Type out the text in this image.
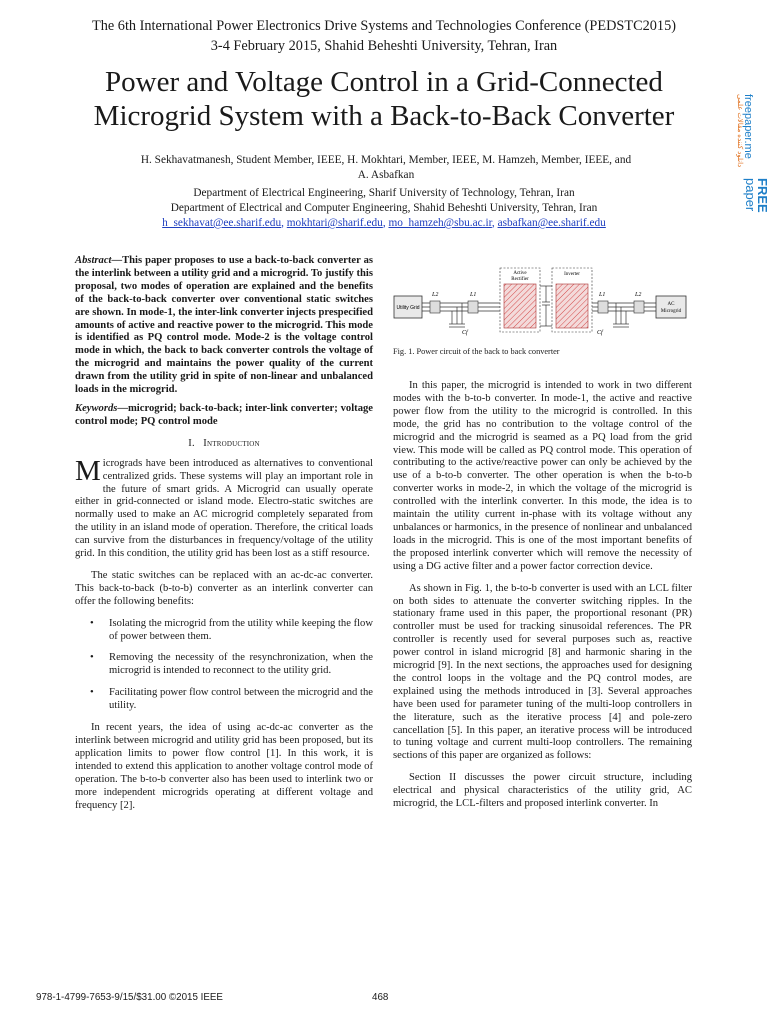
The 6th International Power Electronics Drive Systems and Technologies Conference (PEDSTC2015)
3-4 February 2015, Shahid Beheshti University, Tehran, Iran
Power and Voltage Control in a Grid-Connected
Microgrid System with a Back-to-Back Converter
H. Sekhavatmanesh, Student Member, IEEE, H. Mokhtari, Member, IEEE, M. Hamzeh, Member, IEEE, and
A. Asbafkan
Department of Electrical Engineering, Sharif University of Technology, Tehran, Iran
Department of Electrical and Computer Engineering, Shahid Beheshti University, Tehran, Iran
h_sekhavat@ee.sharif.edu, mokhtari@sharif.edu, mo_hamzeh@sbu.ac.ir, asbafkan@ee.sharif.edu

Abstract—This paper proposes to use a back-to-back converter as the interlink between a utility grid and a microgrid. To justify this proposal, two modes of operation are explained and the benefits of the back-to-back converter over conventional static switches are shown. In mode-1, the inter-link converter injects prespecified amounts of active and reactive power to the microgrid. This mode is identified as PQ control mode. Mode-2 is the voltage control mode in which, the back to back converter controls the voltage of the microgrid and maintains the power quality of the current drawn from the utility grid in spite of non-linear and unbalanced loads in the microgrid.

Keywords—microgrid; back-to-back; inter-link converter; voltage control mode; PQ control mode

I. Introduction

Micrograds have been introduced as alternatives to conventional centralized grids. These systems will play an important role in the future of smart grids. A Microgrid can usually operate either in grid-connected or island mode. Electro-static switches are normally used to make an AC microgrid completely separated from the utility in an island mode of operation. Therefore, the critical loads can survive from the disturbances in frequency/voltage of the utility grid. In this condition, the utility grid has been lost as a stiff resource.

The static switches can be replaced with an ac-dc-ac converter. This back-to-back (b-to-b) converter as an interlink converter can offer the following benefits:

• Isolating the microgrid from the utility while keeping the flow of power between them.
• Removing the necessity of the resynchronization, when the microgrid is intended to reconnect to the utility grid.
• Facilitating power flow control between the microgrid and the utility.

In recent years, the idea of using ac-dc-ac converter as the interlink between microgrid and utility grid has been proposed, but its application limits to power flow control [1]. In this work, it is intended to extend this application to another voltage control mode of operation. The b-to-b converter also has been used to interlink two or more independent microgrids operating at different voltage and frequency [2].

Utility Grid
L2	L1
Cf
Active
Rectifier
Inverter
L1	L2
Cf
AC
Microgrid
Fig. 1. Power circuit of the back to back converter

In this paper, the microgrid is intended to work in two different modes with the b-to-b converter. In mode-1, the active and reactive power flow from the utility to the microgrid is controlled. In this mode, the grid has no contribution to the voltage control of the microgrid and the microgrid is seamed as a PQ load from the grid view. This mode will be called as PQ control mode. This operation of contributing to the active/reactive power can only be achieved by the use of a b-to-b converter. The other operation is when the b-to-b converter works in mode-2, in which the voltage of the microgrid is controlled with the interlink converter. In this mode, the idea is to maintain the utility current in-phase with its voltage without any unbalances or harmonics, in the presence of nonlinear and unbalanced loads in the microgrid. This is one of the most important benefits of the proposed interlink converter which will remove the necessity of using a DG active filter and a power factor correction device.

As shown in Fig. 1, the b-to-b converter is used with an LCL filter on both sides to attenuate the converter switching ripples. In the stationary frame used in this paper, the proportional resonant (PR) controller must be used for tracking sinusoidal references. The PR controller is recently used for several purposes such as, reactive power control in island microgrid [8] and harmonic sharing in the microgrid [9]. In the next sections, the approaches used for designing the control loops in the voltage and the PQ control modes, are explained using the methods introduced in [3]. Several approaches have been used for parameter tuning of the multi-loop controllers in the literature, such as the iterative process [4] and pole-zero cancellation [5]. In this paper, an iterative process will be introduced to tuning voltage and current multi-loop controllers. The remaining sections of this paper are organized as follows:

Section II discusses the power circuit structure, including electrical and physical characteristics of the utility grid, AC microgrid, the LCL-filters and proposed interlink converter. In

978-1-4799-7653-9/15/$31.00 ©2015 IEEE	468
دانلود کننده مقالات علمی freepaper.me
FREE
paper
